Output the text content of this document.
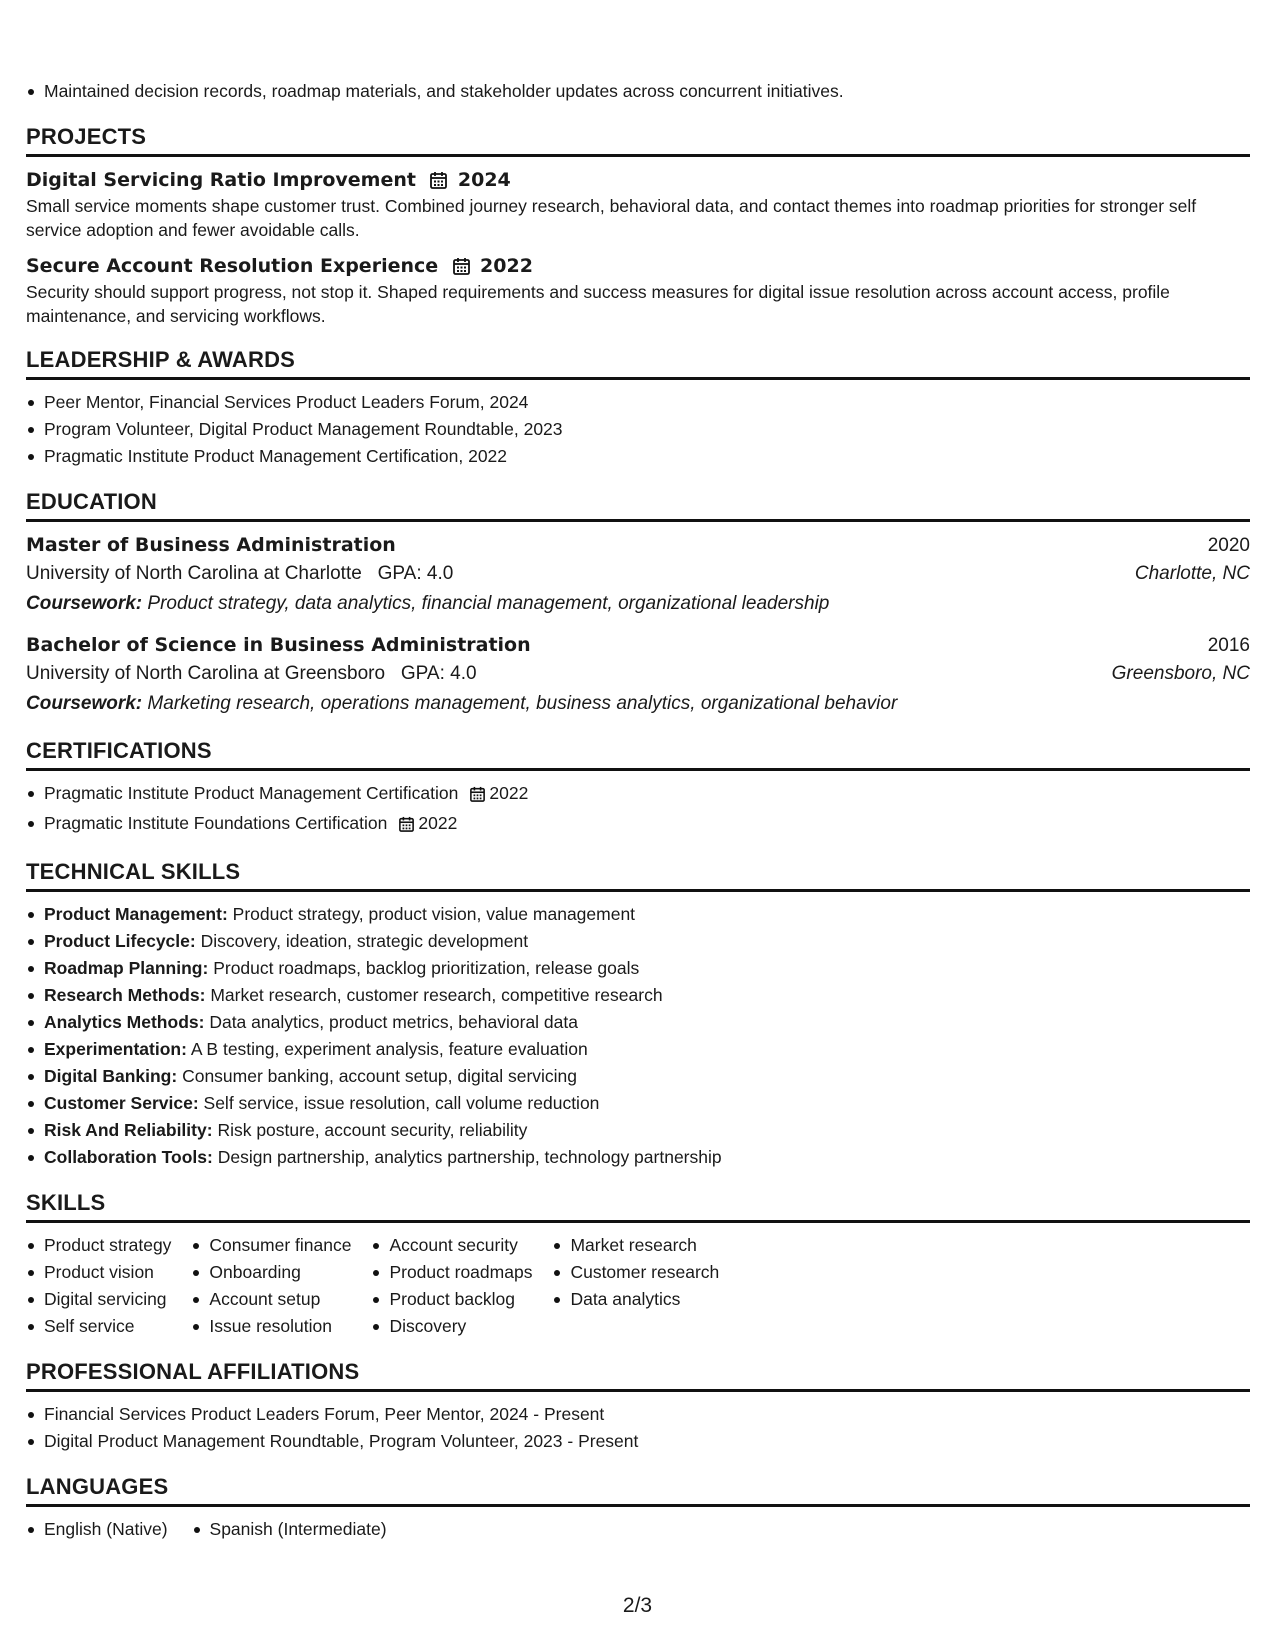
Maintained decision records, roadmap materials, and stakeholder updates across concurrent initiatives.
PROJECTS
Digital Servicing Ratio Improvement 2024
Small service moments shape customer trust. Combined journey research, behavioral data, and contact themes into roadmap priorities for stronger self service adoption and fewer avoidable calls.
Secure Account Resolution Experience 2022
Security should support progress, not stop it. Shaped requirements and success measures for digital issue resolution across account access, profile maintenance, and servicing workflows.
LEADERSHIP & AWARDS
Peer Mentor, Financial Services Product Leaders Forum, 2024
Program Volunteer, Digital Product Management Roundtable, 2023
Pragmatic Institute Product Management Certification, 2022
EDUCATION
Master of Business Administration	2020
University of North Carolina at Charlotte   GPA: 4.0	Charlotte, NC
Coursework: Product strategy, data analytics, financial management, organizational leadership
Bachelor of Science in Business Administration	2016
University of North Carolina at Greensboro   GPA: 4.0	Greensboro, NC
Coursework: Marketing research, operations management, business analytics, organizational behavior
CERTIFICATIONS
Pragmatic Institute Product Management Certification 2022
Pragmatic Institute Foundations Certification 2022
TECHNICAL SKILLS
Product Management: Product strategy, product vision, value management
Product Lifecycle: Discovery, ideation, strategic development
Roadmap Planning: Product roadmaps, backlog prioritization, release goals
Research Methods: Market research, customer research, competitive research
Analytics Methods: Data analytics, product metrics, behavioral data
Experimentation: A B testing, experiment analysis, feature evaluation
Digital Banking: Consumer banking, account setup, digital servicing
Customer Service: Self service, issue resolution, call volume reduction
Risk And Reliability: Risk posture, account security, reliability
Collaboration Tools: Design partnership, analytics partnership, technology partnership
SKILLS
Product strategy
Product vision
Digital servicing
Self service
Consumer finance
Onboarding
Account setup
Issue resolution
Account security
Product roadmaps
Product backlog
Discovery
Market research
Customer research
Data analytics
PROFESSIONAL AFFILIATIONS
Financial Services Product Leaders Forum, Peer Mentor, 2024 - Present
Digital Product Management Roundtable, Program Volunteer, 2023 - Present
LANGUAGES
English (Native)	Spanish (Intermediate)
2/3
